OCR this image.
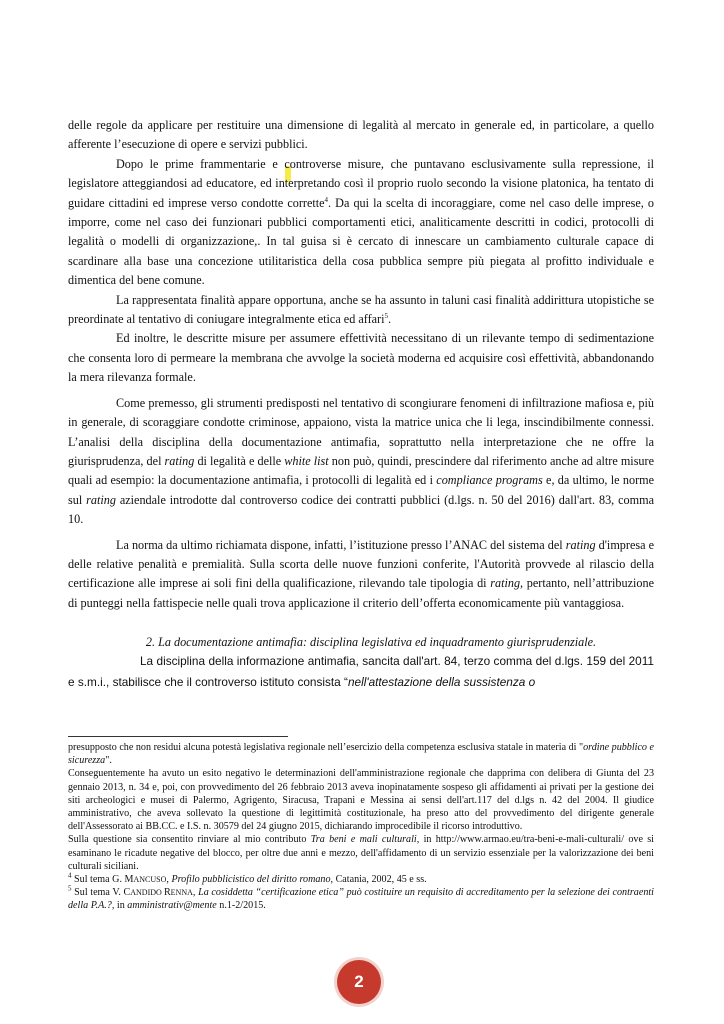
delle regole da applicare per restituire una dimensione di legalità al mercato in generale ed, in particolare, a quello afferente l’esecuzione di opere e servizi pubblici.

Dopo le prime frammentarie e controverse misure, che puntavano esclusivamente sulla repressione, il legislatore atteggiandosi ad educatore, ed interpretando così il proprio ruolo secondo la visione platonica, ha tentato di guidare cittadini ed imprese verso condotte corrette$^4$. Da qui la scelta di incoraggiare, come nel caso delle imprese, o imporre, come nel caso dei funzionari pubblici comportamenti etici, analiticamente descritti in codici, protocolli di legalità o modelli di organizzazione,. In tal guisa si è cercato di innescare un cambiamento culturale capace di scardinare alla base una concezione utilitaristica della cosa pubblica sempre più piegata al profitto individuale e dimentica del bene comune.

La rappresentata finalità appare opportuna, anche se ha assunto in taluni casi finalità addirittura utopistiche se preordinate al tentativo di coniugare integralmente etica ed affari$^5$.

Ed inoltre, le descritte misure per assumere effettività necessitano di un rilevante tempo di sedimentazione che consenta loro di permeare la membrana che avvolge la società moderna ed acquisire così effettività, abbandonando la mera rilevanza formale.

Come premesso, gli strumenti predisposti nel tentativo di scongiurare fenomeni di infiltrazione mafiosa e, più in generale, di scoraggiare condotte criminose, appaiono, vista la matrice unica che li lega, inscindibilmente connessi. L’analisi della disciplina della documentazione antimafia, soprattutto nella interpretazione che ne offre la giurisprudenza, del rating di legalità e delle white list non può, quindi, prescindere dal riferimento anche ad altre misure quali ad esempio: la documentazione antimafia, i protocolli di legalità ed i compliance programs e, da ultimo, le norme sul rating aziendale introdotte dal controverso codice dei contratti pubblici (d.lgs. n. 50 del 2016) dall'art. 83, comma 10.

La norma da ultimo richiamata dispone, infatti, l’istituzione presso l’ANAC del sistema del rating d'impresa e delle relative penalità e premialità. Sulla scorta delle nuove funzioni conferite, l'Autorità provvede al rilascio della certificazione alle imprese ai soli fini della qualificazione, rilevando tale tipologia di rating, pertanto, nell’attribuzione di punteggi nella fattispecie nelle quali trova applicazione il criterio dell’offerta economicamente più vantaggiosa.

2. La documentazione antimafia: disciplina legislativa ed inquadramento giurisprudenziale.

La disciplina della informazione antimafia, sancita dall'art. 84, terzo comma del d.lgs. 159 del 2011 e s.m.i., stabilisce che il controverso istituto consista “nell'attestazione della sussistenza o

presupposto che non residui alcuna potestà legislativa regionale nell’esercizio della competenza esclusiva statale in materia di "ordine pubblico e sicurezza".

Conseguentemente ha avuto un esito negativo le determinazioni dell'amministrazione regionale che dapprima con delibera di Giunta del 23 gennaio 2013, n. 34 e, poi, con provvedimento del 26 febbraio 2013 aveva inopinatamente sospeso gli affidamenti ai privati per la gestione dei siti archeologici e musei di Palermo, Agrigento, Siracusa, Trapani e Messina ai sensi dell'art.117 del d.lgs n. 42 del 2004. Il giudice amministrativo, che aveva sollevato la questione di legittimità costituzionale, ha preso atto del provvedimento del dirigente generale dell'Assessorato ai BB.CC. e I.S. n. 30579 del 24 giugno 2015, dichiarando improcedibile il ricorso introduttivo.

Sulla questione sia consentito rinviare al mio contributo Tra beni e mali culturali, in http://www.armao.eu/tra-beni-e-mali-culturali/ ove si esaminano le ricadute negative del blocco, per oltre due anni e mezzo, dell'affidamento di un servizio essenziale per la valorizzazione dei beni culturali siciliani.

$^4$ Sul tema G. MANCUSO, Profilo pubblicistico del diritto romano, Catania, 2002, 45 e ss.

$^5$ Sul tema V. CANDIDO RENNA, La cosiddetta “certificazione etica” può costituire un requisito di accreditamento per la selezione dei contraenti della P.A.?, in amministrativ@mente n.1-2/2015.

2
